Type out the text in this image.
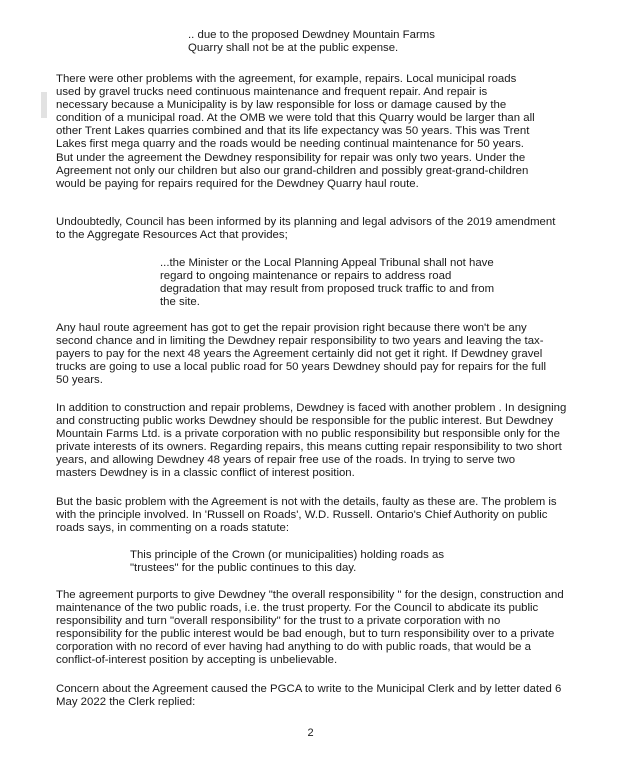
.. due to the proposed Dewdney Mountain Farms
Quarry shall not be at the public expense.

There were other problems with the agreement, for example, repairs. Local municipal roads
used by gravel trucks need continuous maintenance and frequent repair. And repair is
necessary because a Municipality is by law responsible for loss or damage caused by the
condition of a municipal road. At the OMB we were told that this Quarry would be larger than all
other Trent Lakes quarries combined and that its life expectancy was 50 years. This was Trent
Lakes first mega quarry and the roads would be needing continual maintenance for 50 years.
But under the agreement the Dewdney responsibility for repair was only two years. Under the
Agreement not only our children but also our grand-children and possibly great-grand-children
would be paying for repairs required for the Dewdney Quarry haul route.

Undoubtedly, Council has been informed by its planning and legal advisors of the 2019 amendment
to the Aggregate Resources Act that provides;

...the Minister or the Local Planning Appeal Tribunal shall not have
regard to ongoing maintenance or repairs to address road
degradation that may result from proposed truck traffic to and from
the site.

Any haul route agreement has got to get the repair provision right because there won't be any
second chance and in limiting the Dewdney repair responsibility to two years and leaving the tax-
payers to pay for the next 48 years the Agreement certainly did not get it right. If Dewdney gravel
trucks are going to use a local public road for 50 years Dewdney should pay for repairs for the full
50 years.

In addition to construction and repair problems, Dewdney is faced with another problem . In designing
and constructing public works Dewdney should be responsible for the public interest. But Dewdney
Mountain Farms Ltd. is a private corporation with no public responsibility but responsible only for the
private interests of its owners. Regarding repairs, this means cutting repair responsibility to two short
years, and allowing Dewdney 48 years of repair free use of the roads. In trying to serve two
masters Dewdney is in a classic conflict of interest position.

But the basic problem with the Agreement is not with the details, faulty as these are. The problem is
with the principle involved. In 'Russell on Roads', W.D. Russell. Ontario's Chief Authority on public
roads says, in commenting on a roads statute:

This principle of the Crown (or municipalities) holding roads as
"trustees" for the public continues to this day.

The agreement purports to give Dewdney "the overall responsibility " for the design, construction and
maintenance of the two public roads, i.e. the trust property. For the Council to abdicate its public
responsibility and turn "overall responsibility" for the trust to a private corporation with no
responsibility for the public interest would be bad enough, but to turn responsibility over to a private
corporation with no record of ever having had anything to do with public roads, that would be a
conflict-of-interest position by accepting is unbelievable.

Concern about the Agreement caused the PGCA to write to the Municipal Clerk and by letter dated 6
May 2022 the Clerk replied:

2
